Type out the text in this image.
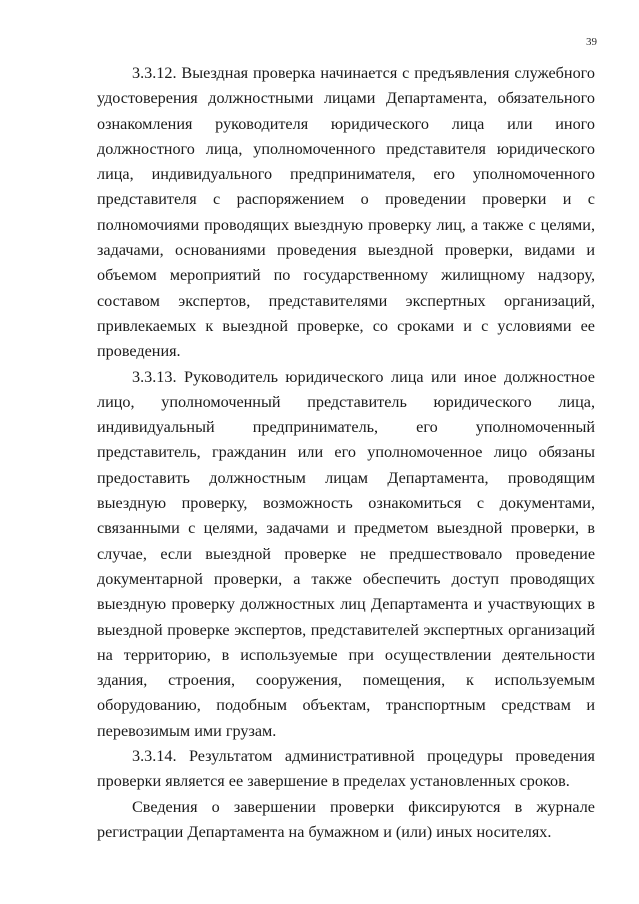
39

3.3.12. Выездная проверка начинается с предъявления служебного удостоверения должностными лицами Департамента, обязательного ознакомления руководителя юридического лица или иного должностного лица, уполномоченного представителя юридического лица, индивидуального предпринимателя, его уполномоченного представителя с распоряжением о проведении проверки и с полномочиями проводящих выездную проверку лиц, а также с целями, задачами, основаниями проведения выездной проверки, видами и объемом мероприятий по государственному жилищному надзору, составом экспертов, представителями экспертных организаций, привлекаемых к выездной проверке, со сроками и с условиями ее проведения.

3.3.13. Руководитель юридического лица или иное должностное лицо, уполномоченный представитель юридического лица, индивидуальный предприниматель, его уполномоченный представитель, гражданин или его уполномоченное лицо обязаны предоставить должностным лицам Департамента, проводящим выездную проверку, возможность ознакомиться с документами, связанными с целями, задачами и предметом выездной проверки, в случае, если выездной проверке не предшествовало проведение документарной проверки, а также обеспечить доступ проводящих выездную проверку должностных лиц Департамента и участвующих в выездной проверке экспертов, представителей экспертных организаций на территорию, в используемые при осуществлении деятельности здания, строения, сооружения, помещения, к используемым оборудованию, подобным объектам, транспортным средствам и перевозимым ими грузам.

3.3.14. Результатом административной процедуры проведения проверки является ее завершение в пределах установленных сроков.

Сведения о завершении проверки фиксируются в журнале регистрации Департамента на бумажном и (или) иных носителях.
